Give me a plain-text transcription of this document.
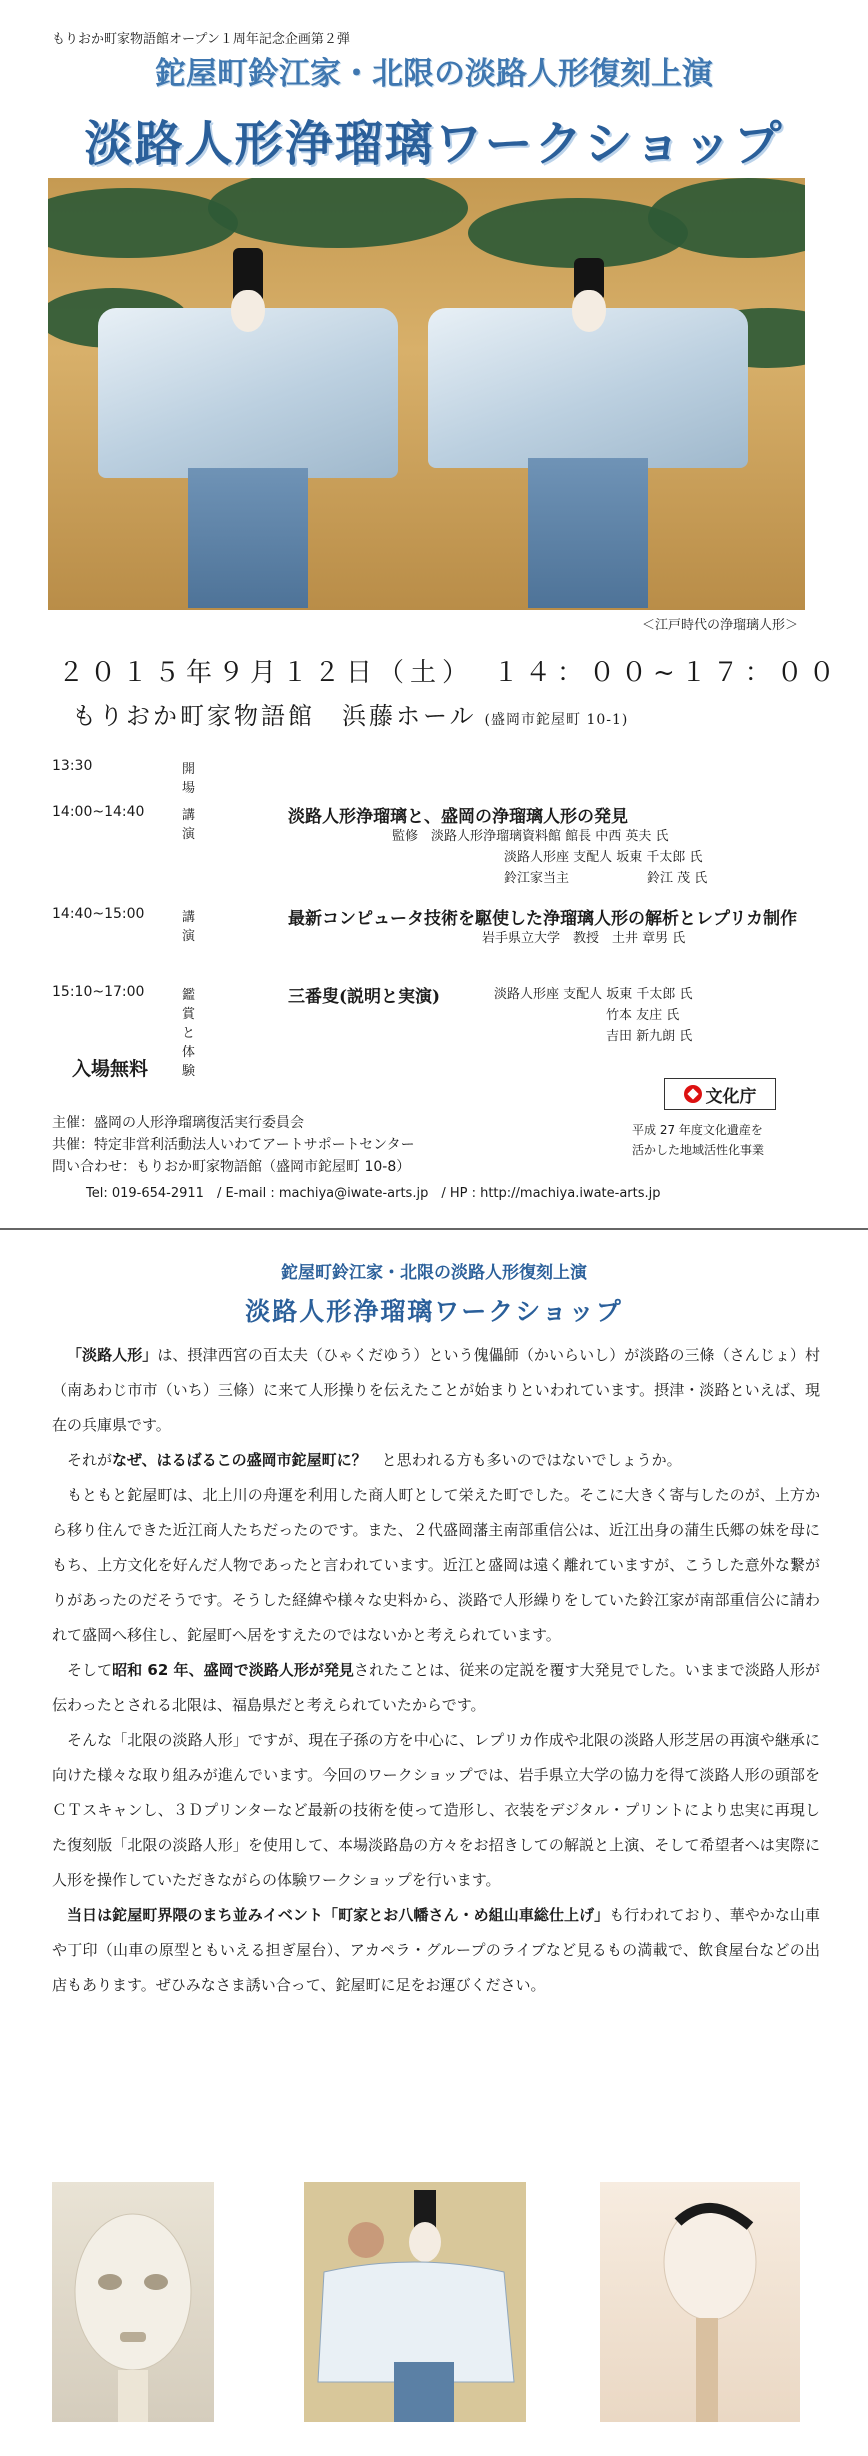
もりおか町家物語館オープン１周年記念企画第２弾
鉈屋町鈴江家・北限の淡路人形復刻上演
淡路人形浄瑠璃ワークショップ
＜江戸時代の浄瑠璃人形＞
２０１５年９月１２日（土）　１４：００~１７：００
もりおか町家物語館　浜藤ホール (盛岡市鉈屋町 10-1)
13:30	開場
14:00~14:40	講演
淡路人形浄瑠璃と、盛岡の浄瑠璃人形の発見
監修　淡路人形浄瑠璃資料館 館長 中西 英夫 氏
淡路人形座 支配人 坂東 千太郎 氏
鈴江家当主　　　　　　鈴江 茂 氏
14:40~15:00	講演
最新コンピュータ技術を駆使した浄瑠璃人形の解析とレプリカ制作
岩手県立大学　教授　土井 章男 氏
15:10~17:00	鑑賞と体験
三番叟(説明と実演)	淡路人形座 支配人 坂東 千太郎 氏
竹本 友庄 氏
吉田 新九朗 氏
入場無料
文化庁
平成 27 年度文化遺産を
活かした地域活性化事業
主催：盛岡の人形浄瑠璃復活実行委員会
共催：特定非営利活動法人いわてアートサポートセンター
問い合わせ：もりおか町家物語館（盛岡市鉈屋町 10-8）
Tel: 019-654-2911　/ E-mail : machiya@iwate-arts.jp　/ HP : http://machiya.iwate-arts.jp
鉈屋町鈴江家・北限の淡路人形復刻上演
淡路人形浄瑠璃ワークショップ

「淡路人形」は、摂津西宮の百太夫（ひゃくだゆう）という傀儡師（かいらいし）が淡路の三條（さんじょ）村（南あわじ市市（いち）三條）に来て人形操りを伝えたことが始まりといわれています。摂津・淡路といえば、現在の兵庫県です。

それがなぜ、はるばるこの盛岡市鉈屋町に？　と思われる方も多いのではないでしょうか。

もともと鉈屋町は、北上川の舟運を利用した商人町として栄えた町でした。そこに大きく寄与したのが、上方から移り住んできた近江商人たちだったのです。また、２代盛岡藩主南部重信公は、近江出身の蒲生氏郷の妹を母にもち、上方文化を好んだ人物であったと言われています。近江と盛岡は遠く離れていますが、こうした意外な繋がりがあったのだそうです。そうした経緯や様々な史料から、淡路で人形繰りをしていた鈴江家が南部重信公に請われて盛岡へ移住し、鉈屋町へ居をすえたのではないかと考えられています。

そして昭和 62 年、盛岡で淡路人形が発見されたことは、従来の定説を覆す大発見でした。いままで淡路人形が伝わったとされる北限は、福島県だと考えられていたからです。

そんな「北限の淡路人形」ですが、現在子孫の方を中心に、レプリカ作成や北限の淡路人形芝居の再演や継承に向けた様々な取り組みが進んでいます。今回のワークショップでは、岩手県立大学の協力を得て淡路人形の頭部をＣＴスキャンし、３Ｄプリンターなど最新の技術を使って造形し、衣装をデジタル・プリントにより忠実に再現した復刻版「北限の淡路人形」を使用して、本場淡路島の方々をお招きしての解説と上演、そして希望者へは実際に人形を操作していただきながらの体験ワークショップを行います。

当日は鉈屋町界隈のまち並みイベント「町家とお八幡さん・め組山車総仕上げ」も行われており、華やかな山車や丁印（山車の原型ともいえる担ぎ屋台）、アカペラ・グループのライブなど見るもの満載で、飲食屋台などの出店もあります。ぜひみなさま誘い合って、鉈屋町に足をお運びください。
